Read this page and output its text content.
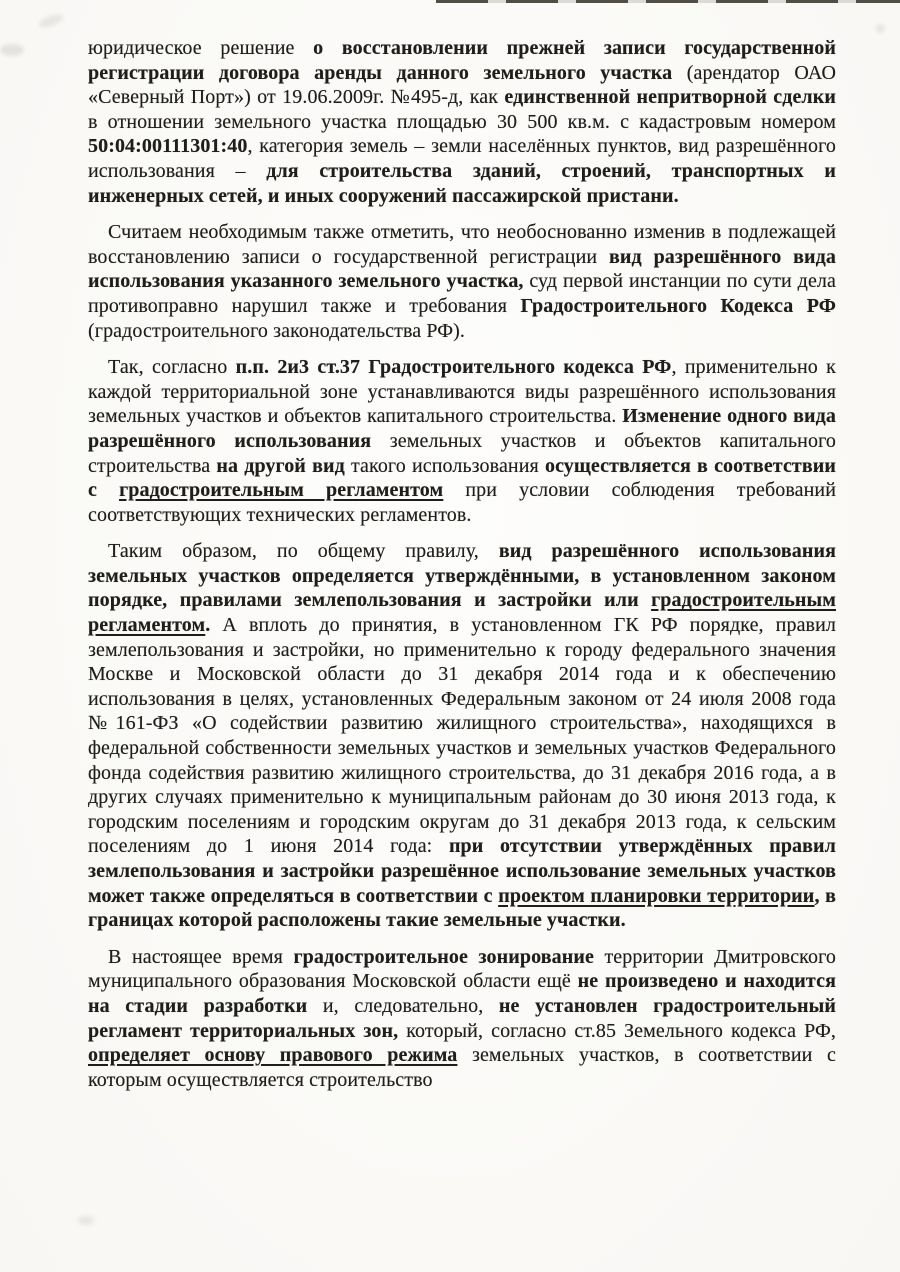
юридическое решение о восстановлении прежней записи государственной регистрации договора аренды данного земельного участка (арендатор ОАО «Северный Порт») от 19.06.2009г. №495-д, как единственной непритворной сделки в отношении земельного участка площадью 30 500 кв.м. с кадастровым номером 50:04:00111301:40, категория земель – земли населённых пунктов, вид разрешённого использования – для строительства зданий, строений, транспортных и инженерных сетей, и иных сооружений пассажирской пристани.

Считаем необходимым также отметить, что необоснованно изменив в подлежащей восстановлению записи о государственной регистрации вид разрешённого вида использования указанного земельного участка, суд первой инстанции по сути дела противоправно нарушил также и требования Градостроительного Кодекса РФ (градостроительного законодательства РФ).

Так, согласно п.п. 2и3 ст.37 Градостроительного кодекса РФ, применительно к каждой территориальной зоне устанавливаются виды разрешённого использования земельных участков и объектов капитального строительства. Изменение одного вида разрешённого использования земельных участков и объектов капитального строительства на другой вид такого использования осуществляется в соответствии с градостроительным регламентом при условии соблюдения требований соответствующих технических регламентов.

Таким образом, по общему правилу, вид разрешённого использования земельных участков определяется утверждёнными, в установленном законом порядке, правилами землепользования и застройки или градостроительным регламентом. А вплоть до принятия, в установленном ГК РФ порядке, правил землепользования и застройки, но применительно к городу федерального значения Москве и Московской области до 31 декабря 2014 года и к обеспечению использования в целях, установленных Федеральным законом от 24 июля 2008 года №161-ФЗ «О содействии развитию жилищного строительства», находящихся в федеральной собственности земельных участков и земельных участков Федерального фонда содействия развитию жилищного строительства, до 31 декабря 2016 года, а в других случаях применительно к муниципальным районам до 30 июня 2013 года, к городским поселениям и городским округам до 31 декабря 2013 года, к сельским поселениям до 1 июня 2014 года: при отсутствии утверждённых правил землепользования и застройки разрешённое использование земельных участков может также определяться в соответствии с проектом планировки территории, в границах которой расположены такие земельные участки.

В настоящее время градостроительное зонирование территории Дмитровского муниципального образования Московской области ещё не произведено и находится на стадии разработки и, следовательно, не установлен градостроительный регламент территориальных зон, который, согласно ст.85 Земельного кодекса РФ, определяет основу правового режима земельных участков, в соответствии с которым осуществляется строительство
